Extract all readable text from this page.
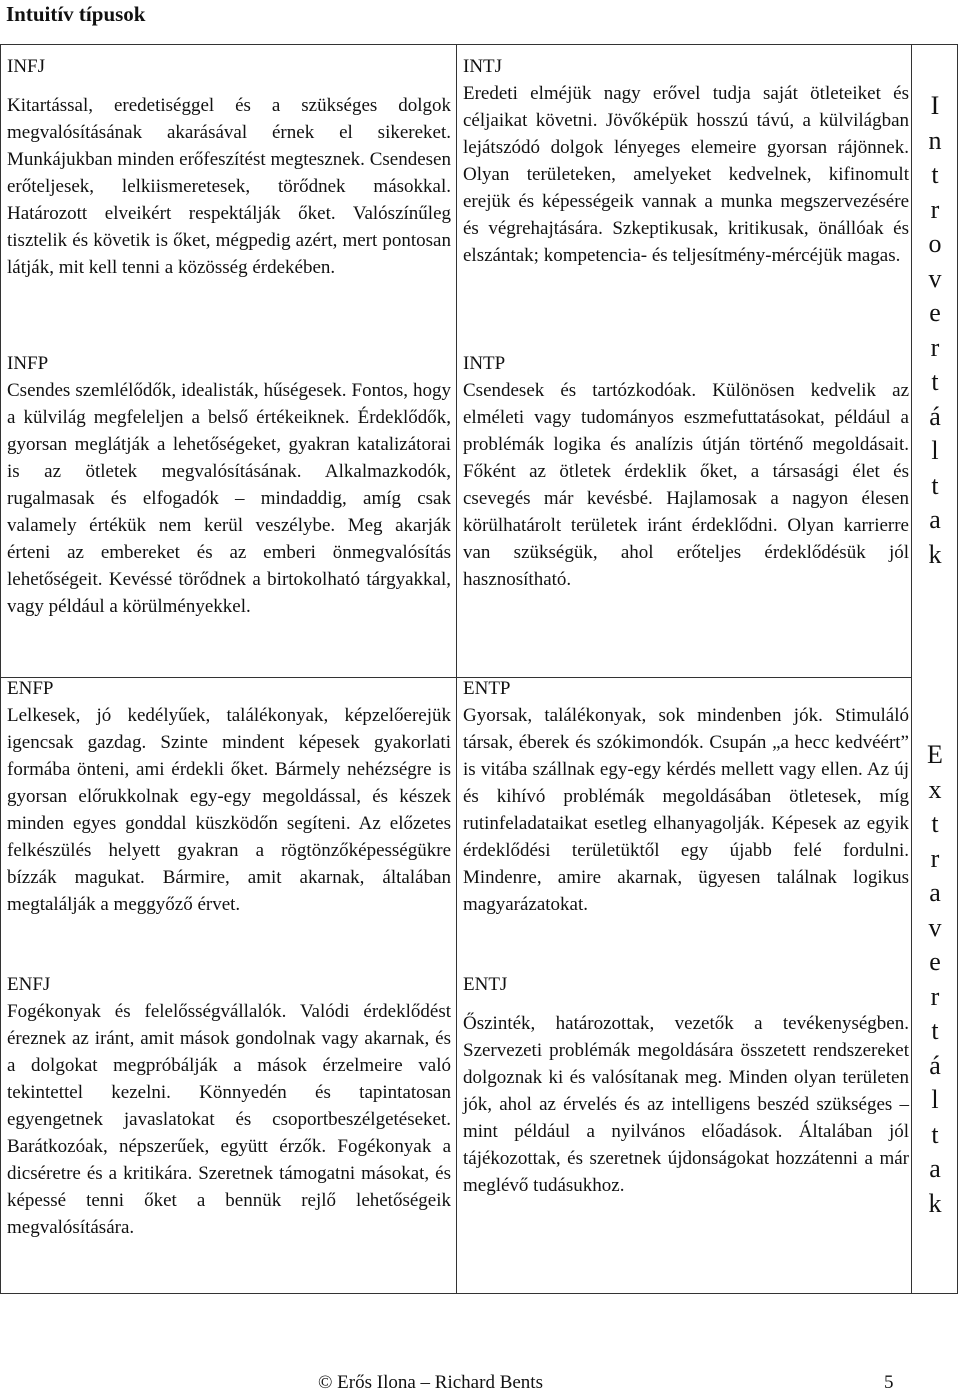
Intuitív típusok
INFJ

Kitartással, eredetiséggel és a szükséges dolgok megvalósításának akarásával érnek el sikereket. Munkájukban minden erőfeszítést megtesznek. Csendesen erőteljesek, lelkiismeretesek, törődnek másokkal. Határozott elveikért respektálják őket. Valószínűleg tisztelik és követik is őket, mégpedig azért, mert pontosan látják, mit kell tenni a közösség érdekében.

INFP

Csendes szemlélődők, idealisták, hűségesek. Fontos, hogy a külvilág megfeleljen a belső értékeiknek. Érdeklődők, gyorsan meglátják a lehetőségeket, gyakran katalizátorai is az ötletek megvalósításának. Alkalmazkodók, rugalmasak és elfogadók – mindaddig, amíg csak valamely értékük nem kerül veszélybe. Meg akarják érteni az embereket és az emberi önmegvalósítás lehetőségeit. Kevéssé törődnek a birtokolható tárgyakkal, vagy például a körülményekkel.

ENFP

Lelkesek, jó kedélyűek, találékonyak, képzelőerejük igencsak gazdag. Szinte mindent képesek gyakorlati formába önteni, ami érdekli őket. Bármely nehézségre is gyorsan előrukkolnak egy-egy megoldással, és készek minden egyes gonddal küszködőn segíteni. Az előzetes felkészülés helyett gyakran a rögtönzőképességükre bízzák magukat. Bármire, amit akarnak, általában megtalálják a meggyőző érvet.

ENFJ

Fogékonyak és felelősségvállalók. Valódi érdeklődést éreznek az iránt, amit mások gondolnak vagy akarnak, és a dolgokat megpróbálják a mások érzelmeire való tekintettel kezelni. Könnyedén és tapintatosan egyengetnek javaslatokat és csoportbeszélgetéseket. Barátkozóak, népszerűek, együtt érzők. Fogékonyak a dicséretre és a kritikára. Szeretnek támogatni másokat, és képessé tenni őket a bennük rejlő lehetőségeik megvalósítására.

INTJ

Eredeti elméjük nagy erővel tudja saját ötleteiket és céljaikat követni. Jövőképük hosszú távú, a külvilágban lejátszódó dolgok lényeges elemeire gyorsan rájönnek. Olyan területeken, amelyeket kedvelnek, kifinomult erejük és képességeik vannak a munka megszervezésére és végrehajtására. Szkeptikusak, kritikusak, önállóak és elszántak; kompetencia- és teljesítmény-mércéjük magas.

INTP

Csendesek és tartózkodóak. Különösen kedvelik az elméleti vagy tudományos eszmefuttatásokat, például a problémák logika és analízis útján történő megoldásait. Főként az ötletek érdeklik őket, a társasági élet és csevegés már kevésbé. Hajlamosak a nagyon élesen körülhatárolt területek iránt érdeklődni. Olyan karrierre van szükségük, ahol erőteljes érdeklődésük jól hasznosítható.

ENTP

Gyorsak, találékonyak, sok mindenben jók. Stimuláló társak, éberek és szókimondók. Csupán „a hecc kedvéért” is vitába szállnak egy-egy kérdés mellett vagy ellen. Az új és kihívó problémák megoldásában ötletesek, míg rutinfeladataikat esetleg elhanyagolják. Képesek az egyik érdeklődési területüktől egy újabb felé fordulni. Mindenre, amire akarnak, ügyesen találnak logikus magyarázatokat.

ENTJ

Őszinték, határozottak, vezetők a tevékenységben. Szervezeti problémák megoldására összetett rendszereket dolgoznak ki és valósítanak meg. Minden olyan területen jók, ahol az érvelés és az intelligens beszéd szükséges – mint például a nyilvános előadások. Általában jól tájékozottak, és szeretnek újdonságokat hozzátenni a már meglévő tudásukhoz.

I
n
t
r
o
v
e
r
t
á
l
t
a
k
E
x
t
r
a
v
e
r
t
á
l
t
a
k
© Erős Ilona – Richard Bents	5
